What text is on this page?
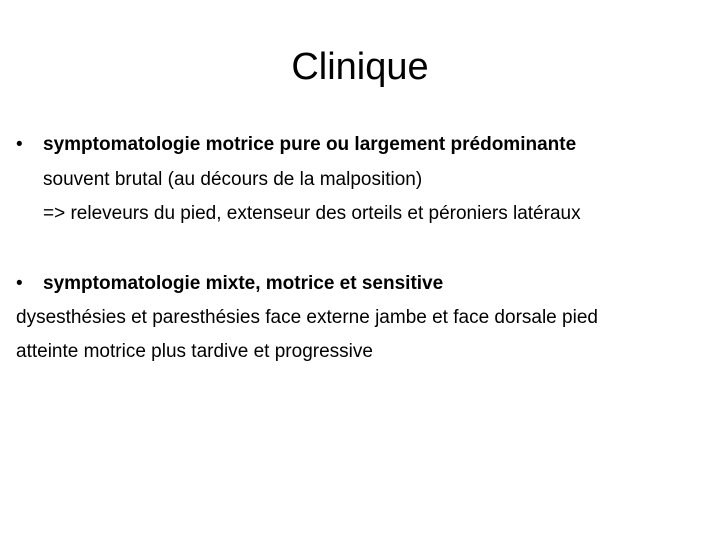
Clinique
• symptomatologie motrice pure ou largement prédominante
souvent brutal (au décours de la malposition)
=> releveurs du pied, extenseur des orteils et péroniers latéraux
• symptomatologie mixte, motrice et sensitive
dysesthésies et paresthésies face externe jambe et face dorsale pied
atteinte motrice plus tardive et progressive
